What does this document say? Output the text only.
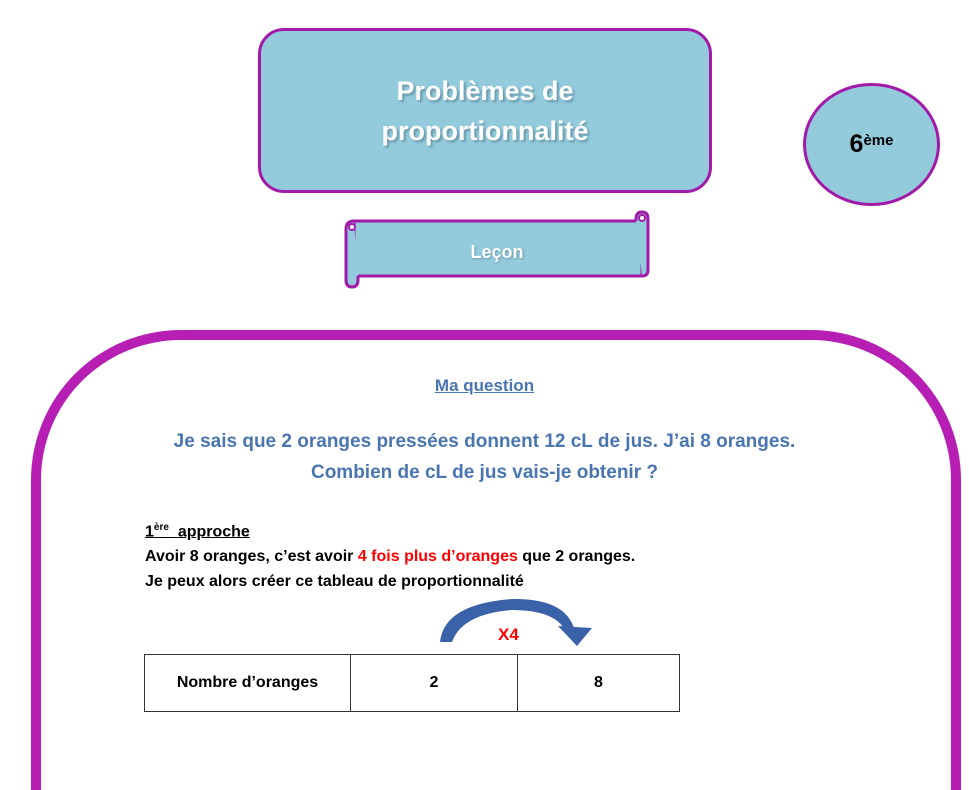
Problèmes de
proportionnalité	6ème
Leçon
Ma question
Je sais que 2 oranges pressées donnent 12 cL de jus. J’ai 8 oranges.
Combien de cL de jus vais-je obtenir ?
1ère approche
Avoir 8 oranges, c’est avoir 4 fois plus d’oranges que 2 oranges.
Je peux alors créer ce tableau de proportionnalité
X4
Nombre d’oranges	2	8
